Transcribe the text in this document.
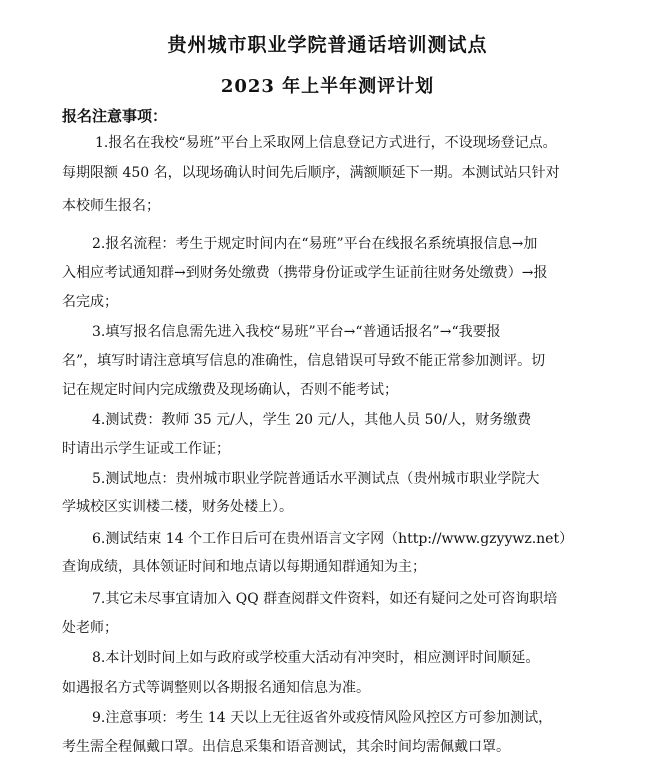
贵州城市职业学院普通话培训测试点
2023 年上半年测评计划
报名注意事项：
1.报名在我校“易班”平台上采取网上信息登记方式进行，不设现场登记点。
每期限额 450 名，以现场确认时间先后顺序，满额顺延下一期。本测试站只针对
本校师生报名；
2.报名流程：考生于规定时间内在“易班”平台在线报名系统填报信息→加
入相应考试通知群→到财务处缴费（携带身份证或学生证前往财务处缴费）→报
名完成；
3.填写报名信息需先进入我校“易班”平台→“普通话报名”→“我要报
名”，填写时请注意填写信息的准确性，信息错误可导致不能正常参加测评。切
记在规定时间内完成缴费及现场确认，否则不能考试；
4.测试费：教师 35 元/人，学生 20 元/人，其他人员 50/人，财务缴费
时请出示学生证或工作证；
5.测试地点：贵州城市职业学院普通话水平测试点（贵州城市职业学院大
学城校区实训楼二楼，财务处楼上）。
6.测试结束 14 个工作日后可在贵州语言文字网（http://www.gzyywz.net）
查询成绩，具体领证时间和地点请以每期通知群通知为主；
7.其它未尽事宜请加入 QQ 群查阅群文件资料，如还有疑问之处可咨询职培
处老师；
8.本计划时间上如与政府或学校重大活动有冲突时，相应测评时间顺延。
如遇报名方式等调整则以各期报名通知信息为准。
9.注意事项：考生 14 天以上无往返省外或疫情风险风控区方可参加测试，
考生需全程佩戴口罩。出信息采集和语音测试，其余时间均需佩戴口罩。
